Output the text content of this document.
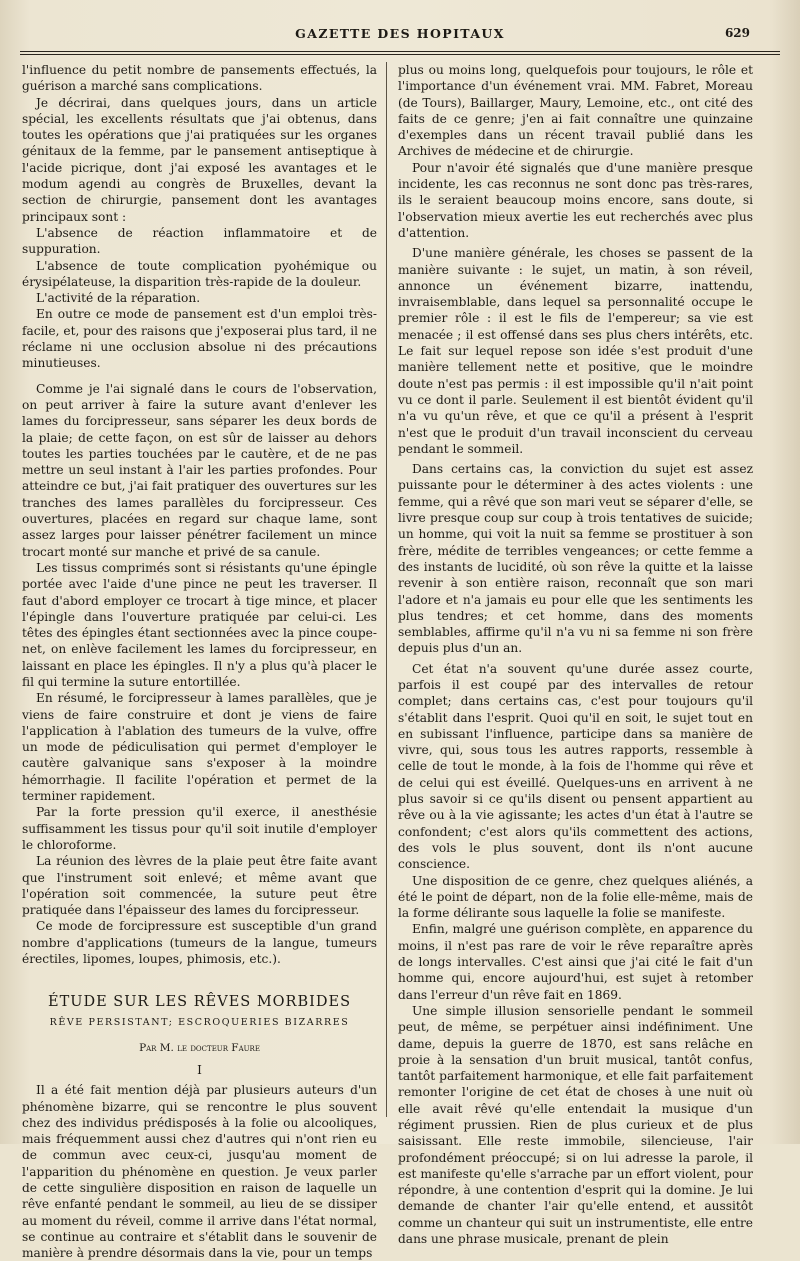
GAZETTE DES HOPITAUX	629

l'influence du petit nombre de pansements effectués, la guérison a marché sans complications.

Je décrirai, dans quelques jours, dans un article spécial, les excellents résultats que j'ai obtenus, dans toutes les opérations que j'ai pratiquées sur les organes génitaux de la femme, par le pansement antiseptique à l'acide picrique, dont j'ai exposé les avantages et le modum agendi au congrès de Bruxelles, devant la section de chirurgie, pansement dont les avantages principaux sont :

L'absence de réaction inflammatoire et de suppuration.

L'absence de toute complication pyohémique ou érysipélateuse, la disparition très-rapide de la douleur.

L'activité de la réparation.

En outre ce mode de pansement est d'un emploi très-facile, et, pour des raisons que j'exposerai plus tard, il ne réclame ni une occlusion absolue ni des précautions minutieuses.

Comme je l'ai signalé dans le cours de l'observation, on peut arriver à faire la suture avant d'enlever les lames du forcipresseur, sans séparer les deux bords de la plaie; de cette façon, on est sûr de laisser au dehors toutes les parties touchées par le cautère, et de ne pas mettre un seul instant à l'air les parties profondes. Pour atteindre ce but, j'ai fait pratiquer des ouvertures sur les tranches des lames parallèles du forcipresseur. Ces ouvertures, placées en regard sur chaque lame, sont assez larges pour laisser pénétrer facilement un mince trocart monté sur manche et privé de sa canule.

Les tissus comprimés sont si résistants qu'une épingle portée avec l'aide d'une pince ne peut les traverser. Il faut d'abord employer ce trocart à tige mince, et placer l'épingle dans l'ouverture pratiquée par celui-ci. Les têtes des épingles étant sectionnées avec la pince coupe-net, on enlève facilement les lames du forcipresseur, en laissant en place les épingles. Il n'y a plus qu'à placer le fil qui termine la suture entortillée.

En résumé, le forcipresseur à lames parallèles, que je viens de faire construire et dont je viens de faire l'application à l'ablation des tumeurs de la vulve, offre un mode de pédiculisation qui permet d'employer le cautère galvanique sans s'exposer à la moindre hémorrhagie. Il facilite l'opération et permet de la terminer rapidement.

Par la forte pression qu'il exerce, il anesthésie suffisamment les tissus pour qu'il soit inutile d'employer le chloroforme.

La réunion des lèvres de la plaie peut être faite avant que l'instrument soit enlevé; et même avant que l'opération soit commencée, la suture peut être pratiquée dans l'épaisseur des lames du forcipresseur.

Ce mode de forcipressure est susceptible d'un grand nombre d'applications (tumeurs de la langue, tumeurs érectiles, lipomes, loupes, phimosis, etc.).

ÉTUDE SUR LES RÊVES MORBIDES
RÊVE PERSISTANT; ESCROQUERIES BIZARRES
Par M. le docteur Faure
I

Il a été fait mention déjà par plusieurs auteurs d'un phénomène bizarre, qui se rencontre le plus souvent chez des individus prédisposés à la folie ou alcooliques, mais fréquemment aussi chez d'autres qui n'ont rien eu de commun avec ceux-ci, jusqu'au moment de l'apparition du phénomène en question. Je veux parler de cette singulière disposition en raison de laquelle un rêve enfanté pendant le sommeil, au lieu de se dissiper au moment du réveil, comme il arrive dans l'état normal, se continue au contraire et s'établit dans le souvenir de manière à prendre désormais dans la vie, pour un temps

plus ou moins long, quelquefois pour toujours, le rôle et l'importance d'un événement vrai. MM. Fabret, Moreau (de Tours), Baillarger, Maury, Lemoine, etc., ont cité des faits de ce genre; j'en ai fait connaître une quinzaine d'exemples dans un récent travail publié dans les Archives de médecine et de chirurgie.

Pour n'avoir été signalés que d'une manière presque incidente, les cas reconnus ne sont donc pas très-rares, ils le seraient beaucoup moins encore, sans doute, si l'observation mieux avertie les eut recherchés avec plus d'attention.

D'une manière générale, les choses se passent de la manière suivante : le sujet, un matin, à son réveil, annonce un événement bizarre, inattendu, invraisemblable, dans lequel sa personnalité occupe le premier rôle : il est le fils de l'empereur; sa vie est menacée ; il est offensé dans ses plus chers intérêts, etc. Le fait sur lequel repose son idée s'est produit d'une manière tellement nette et positive, que le moindre doute n'est pas permis : il est impossible qu'il n'ait point vu ce dont il parle. Seulement il est bientôt évident qu'il n'a vu qu'un rêve, et que ce qu'il a présent à l'esprit n'est que le produit d'un travail inconscient du cerveau pendant le sommeil.

Dans certains cas, la conviction du sujet est assez puissante pour le déterminer à des actes violents : une femme, qui a rêvé que son mari veut se séparer d'elle, se livre presque coup sur coup à trois tentatives de suicide; un homme, qui voit la nuit sa femme se prostituer à son frère, médite de terribles vengeances; or cette femme a des instants de lucidité, où son rêve la quitte et la laisse revenir à son entière raison, reconnaît que son mari l'adore et n'a jamais eu pour elle que les sentiments les plus tendres; et cet homme, dans des moments semblables, affirme qu'il n'a vu ni sa femme ni son frère depuis plus d'un an.

Cet état n'a souvent qu'une durée assez courte, parfois il est coupé par des intervalles de retour complet; dans certains cas, c'est pour toujours qu'il s'établit dans l'esprit. Quoi qu'il en soit, le sujet tout en en subissant l'influence, participe dans sa manière de vivre, qui, sous tous les autres rapports, ressemble à celle de tout le monde, à la fois de l'homme qui rêve et de celui qui est éveillé. Quelques-uns en arrivent à ne plus savoir si ce qu'ils disent ou pensent appartient au rêve ou à la vie agissante; les actes d'un état à l'autre se confondent; c'est alors qu'ils commettent des actions, des vols le plus souvent, dont ils n'ont aucune conscience.

Une disposition de ce genre, chez quelques aliénés, a été le point de départ, non de la folie elle-même, mais de la forme délirante sous laquelle la folie se manifeste.

Enfin, malgré une guérison complète, en apparence du moins, il n'est pas rare de voir le rêve reparaître après de longs intervalles. C'est ainsi que j'ai cité le fait d'un homme qui, encore aujourd'hui, est sujet à retomber dans l'erreur d'un rêve fait en 1869.

Une simple illusion sensorielle pendant le sommeil peut, de même, se perpétuer ainsi indéfiniment. Une dame, depuis la guerre de 1870, est sans relâche en proie à la sensation d'un bruit musical, tantôt confus, tantôt parfaitement harmonique, et elle fait parfaitement remonter l'origine de cet état de choses à une nuit où elle avait rêvé qu'elle entendait la musique d'un régiment prussien. Rien de plus curieux et de plus saisissant. Elle reste immobile, silencieuse, l'air profondément préoccupé; si on lui adresse la parole, il est manifeste qu'elle s'arrache par un effort violent, pour répondre, à une contention d'esprit qui la domine. Je lui demande de chanter l'air qu'elle entend, et aussitôt comme un chanteur qui suit un instrumentiste, elle entre dans une phrase musicale, prenant de plein
